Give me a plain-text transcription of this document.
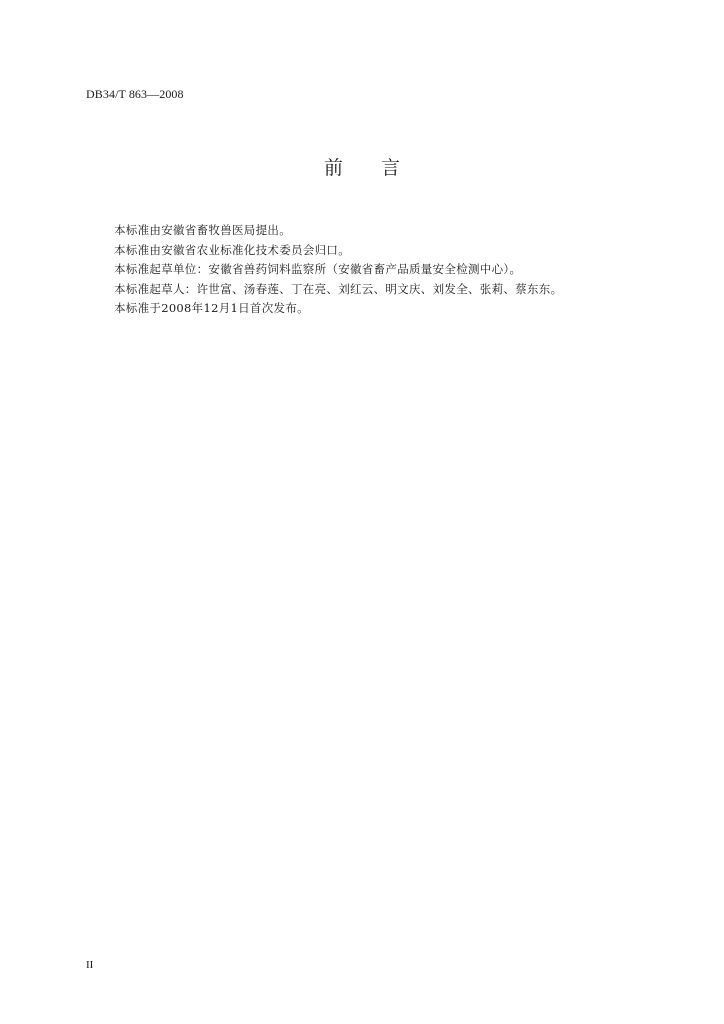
DB34/T 863—2008
前　　言
本标准由安徽省畜牧兽医局提出。
本标准由安徽省农业标准化技术委员会归口。
本标准起草单位：安徽省兽药饲料监察所（安徽省畜产品质量安全检测中心）。
本标准起草人：许世富、汤春莲、丁在亮、刘红云、明文庆、刘发全、张莉、蔡东东。
本标准于2008年12月1日首次发布。
II
